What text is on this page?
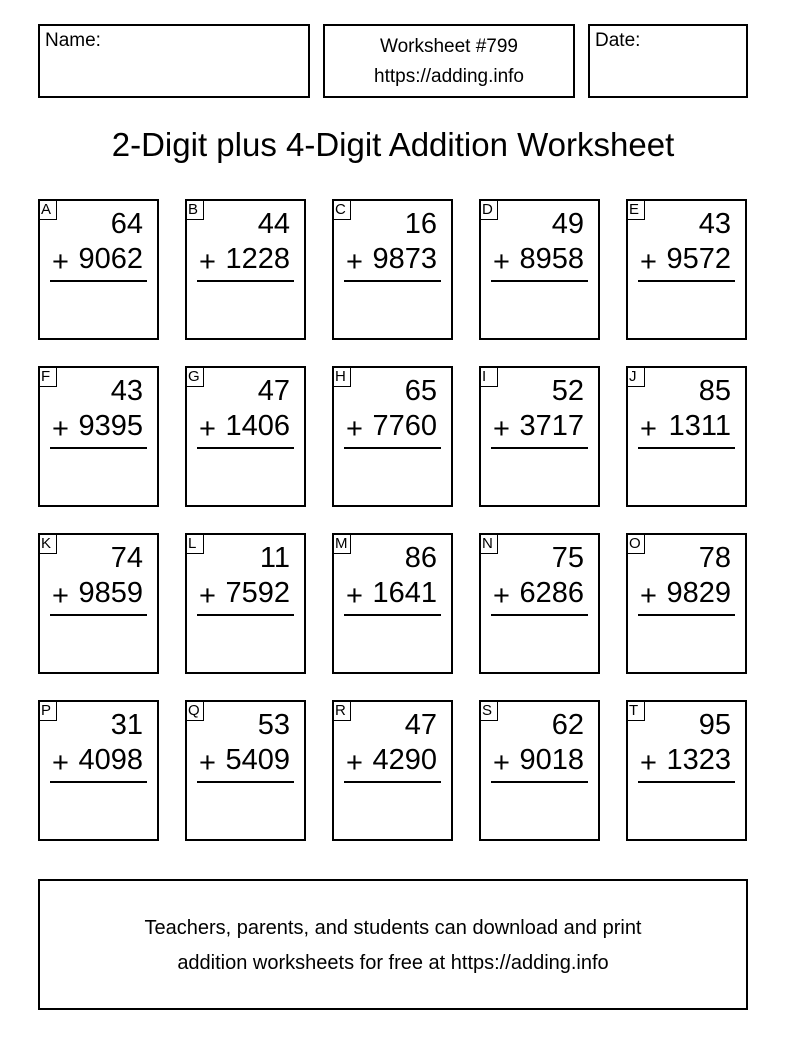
Name:	Worksheet #799
https://adding.info
Date:
2-Digit plus 4-Digit Addition Worksheet
A 64
+ 9062
B 44
+ 1228
C 16
+ 9873
D 49
+ 8958
E 43
+ 9572
F 43
+ 9395
G 47
+ 1406
H 65
+ 7760
I	52
+ 3717
J 85
+ 1311
K 74
+ 9859
L 11
+ 7592
M 86
+ 1641
N 75
+ 6286
O 78
+ 9829
P 31
+ 4098
Q 53
+ 5409
R 47
+ 4290
S 62
+ 9018
T 95
+ 1323
Teachers, parents, and students can download and print
addition worksheets for free at https://adding.info
